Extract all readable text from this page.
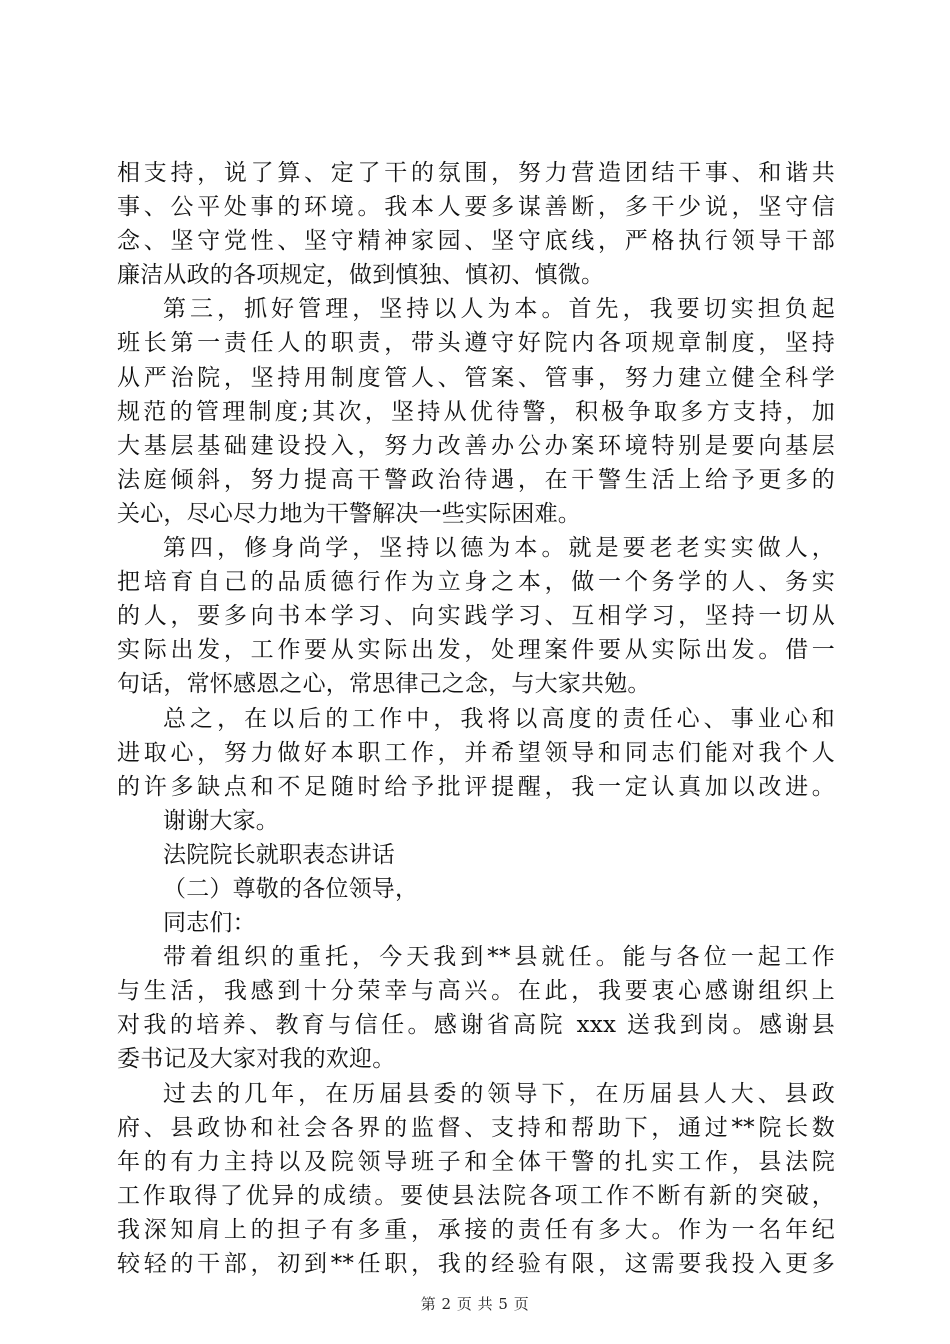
相支持，说了算、定了干的氛围，努力营造团结干事、和谐共
事、公平处事的环境。我本人要多谋善断，多干少说，坚守信
念、坚守党性、坚守精神家园、坚守底线，严格执行领导干部
廉洁从政的各项规定，做到慎独、慎初、慎微。
第三，抓好管理，坚持以人为本。首先，我要切实担负起
班长第一责任人的职责，带头遵守好院内各项规章制度，坚持
从严治院，坚持用制度管人、管案、管事，努力建立健全科学
规范的管理制度;其次，坚持从优待警，积极争取多方支持，加
大基层基础建设投入，努力改善办公办案环境特别是要向基层
法庭倾斜，努力提高干警政治待遇，在干警生活上给予更多的
关心，尽心尽力地为干警解决一些实际困难。
第四，修身尚学，坚持以德为本。就是要老老实实做人，
把培育自己的品质德行作为立身之本，做一个务学的人、务实
的人，要多向书本学习、向实践学习、互相学习，坚持一切从
实际出发，工作要从实际出发，处理案件要从实际出发。借一
句话，常怀感恩之心，常思律己之念，与大家共勉。
总之，在以后的工作中，我将以高度的责任心、事业心和
进取心，努力做好本职工作，并希望领导和同志们能对我个人
的许多缺点和不足随时给予批评提醒，我一定认真加以改进。
谢谢大家。
法院院长就职表态讲话
（二）尊敬的各位领导，
同志们：
带着组织的重托，今天我到**县就任。能与各位一起工作
与生活，我感到十分荣幸与高兴。在此，我要衷心感谢组织上
对我的培养、教育与信任。感谢省高院 xxx 送我到岗。感谢县
委书记及大家对我的欢迎。
过去的几年，在历届县委的领导下，在历届县人大、县政
府、县政协和社会各界的监督、支持和帮助下，通过**院长数
年的有力主持以及院领导班子和全体干警的扎实工作，县法院
工作取得了优异的成绩。要使县法院各项工作不断有新的突破，
我深知肩上的担子有多重，承接的责任有多大。作为一名年纪
较轻的干部，初到**任职，我的经验有限，这需要我投入更多
第 2 页 共 5 页
